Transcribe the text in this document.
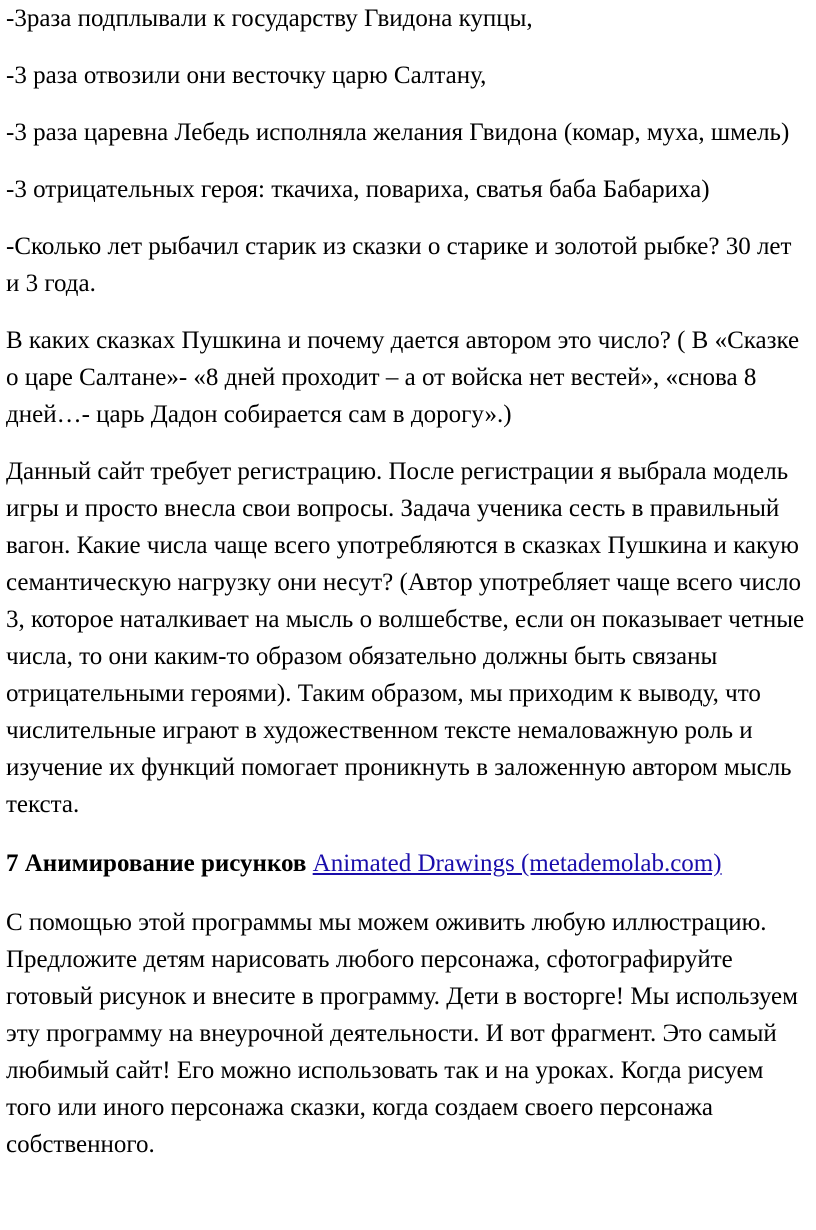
-3раза подплывали к государству Гвидона купцы,

-3 раза отвозили они весточку царю Салтану,

-3 раза царевна Лебедь исполняла желания Гвидона (комар, муха, шмель)

-3 отрицательных героя: ткачиха, повариха, сватья баба Бабариха)

-Сколько лет рыбачил старик из сказки о старике и золотой рыбке? 30 лет и 3 года.

В каких сказках Пушкина и почему дается автором это число? ( В «Сказке о царе Салтане»- «8 дней проходит – а от войска нет вестей», «снова 8 дней…- царь Дадон собирается сам в дорогу».)

Данный сайт требует регистрацию. После регистрации я выбрала модель игры и просто внесла свои вопросы. Задача ученика сесть в правильный вагон. Какие числа чаще всего употребляются в сказках Пушкина и какую семантическую нагрузку они несут? (Автор употребляет чаще всего число 3, которое наталкивает на мысль о волшебстве, если он показывает четные числа, то они каким-то образом обязательно должны быть связаны отрицательными героями). Таким образом, мы приходим к выводу, что числительные играют в художественном тексте немаловажную роль и изучение их функций помогает проникнуть в заложенную автором мысль текста.

7 Анимирование рисунков Animated Drawings (metademolab.com)

С помощью этой программы мы можем оживить любую иллюстрацию. Предложите детям нарисовать любого персонажа, сфотографируйте готовый рисунок и внесите в программу. Дети в восторге! Мы используем эту программу на внеурочной деятельности. И вот фрагмент. Это самый любимый сайт! Его можно использовать так и на уроках. Когда рисуем того или иного персонажа сказки, когда создаем своего персонажа собственного.
